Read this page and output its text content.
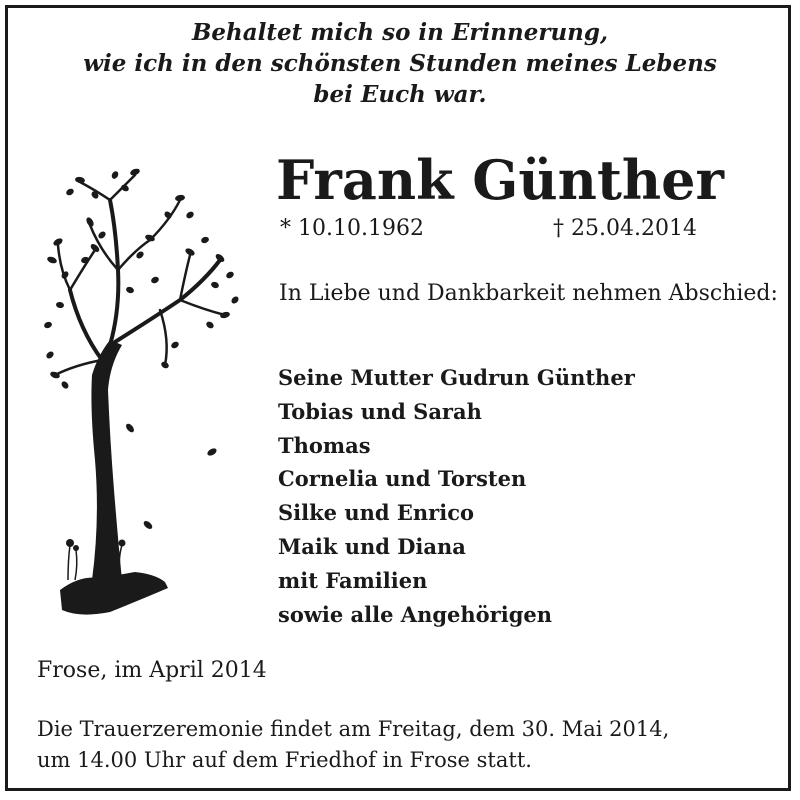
Behaltet mich so in Erinnerung,
wie ich in den schönsten Stunden meines Lebens
bei Euch war.
Frank Günther
* 10.10.1962	† 25.04.2014
In Liebe und Dankbarkeit nehmen Abschied:
Seine Mutter Gudrun Günther
Tobias und Sarah
Thomas
Cornelia und Torsten
Silke und Enrico
Maik und Diana
mit Familien
sowie alle Angehörigen
Frose, im April 2014
Die Trauerzeremonie findet am Freitag, dem 30. Mai 2014,
um 14.00 Uhr auf dem Friedhof in Frose statt.
